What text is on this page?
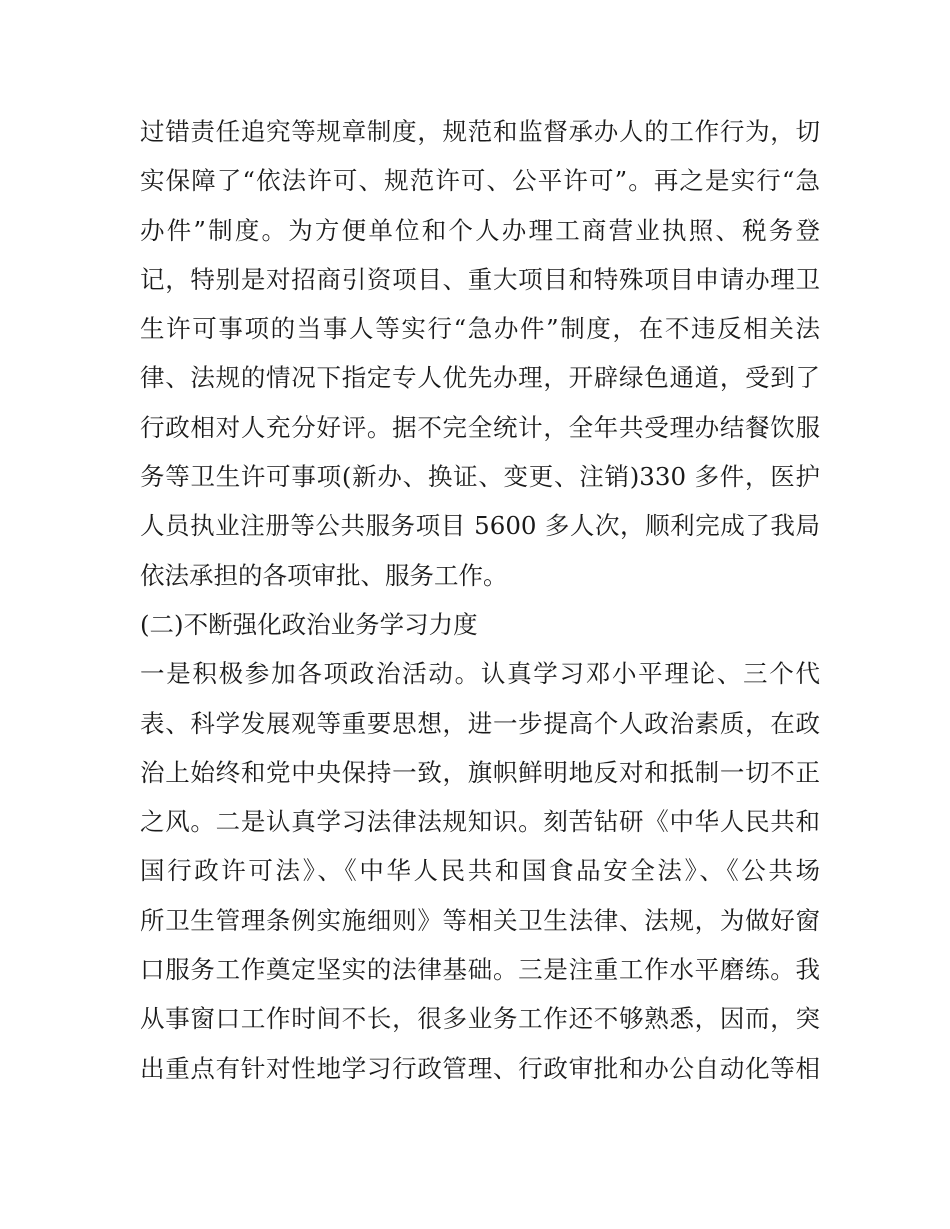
过错责任追究等规章制度，规范和监督承办人的工作行为，切
实保障了“依法许可、规范许可、公平许可”。再之是实行“急
办件”制度。为方便单位和个人办理工商营业执照、税务登
记，特别是对招商引资项目、重大项目和特殊项目申请办理卫
生许可事项的当事人等实行“急办件”制度，在不违反相关法
律、法规的情况下指定专人优先办理，开辟绿色通道，受到了
行政相对人充分好评。据不完全统计，全年共受理办结餐饮服
务等卫生许可事项(新办、换证、变更、注销)330 多件，医护
人员执业注册等公共服务项目 5600 多人次，顺利完成了我局
依法承担的各项审批、服务工作。
(二)不断强化政治业务学习力度
一是积极参加各项政治活动。认真学习邓小平理论、三个代
表、科学发展观等重要思想，进一步提高个人政治素质，在政
治上始终和党中央保持一致，旗帜鲜明地反对和抵制一切不正
之风。二是认真学习法律法规知识。刻苦钻研《中华人民共和
国行政许可法》、《中华人民共和国食品安全法》、《公共场
所卫生管理条例实施细则》等相关卫生法律、法规，为做好窗
口服务工作奠定坚实的法律基础。三是注重工作水平磨练。我
从事窗口工作时间不长，很多业务工作还不够熟悉，因而，突
出重点有针对性地学习行政管理、行政审批和办公自动化等相
